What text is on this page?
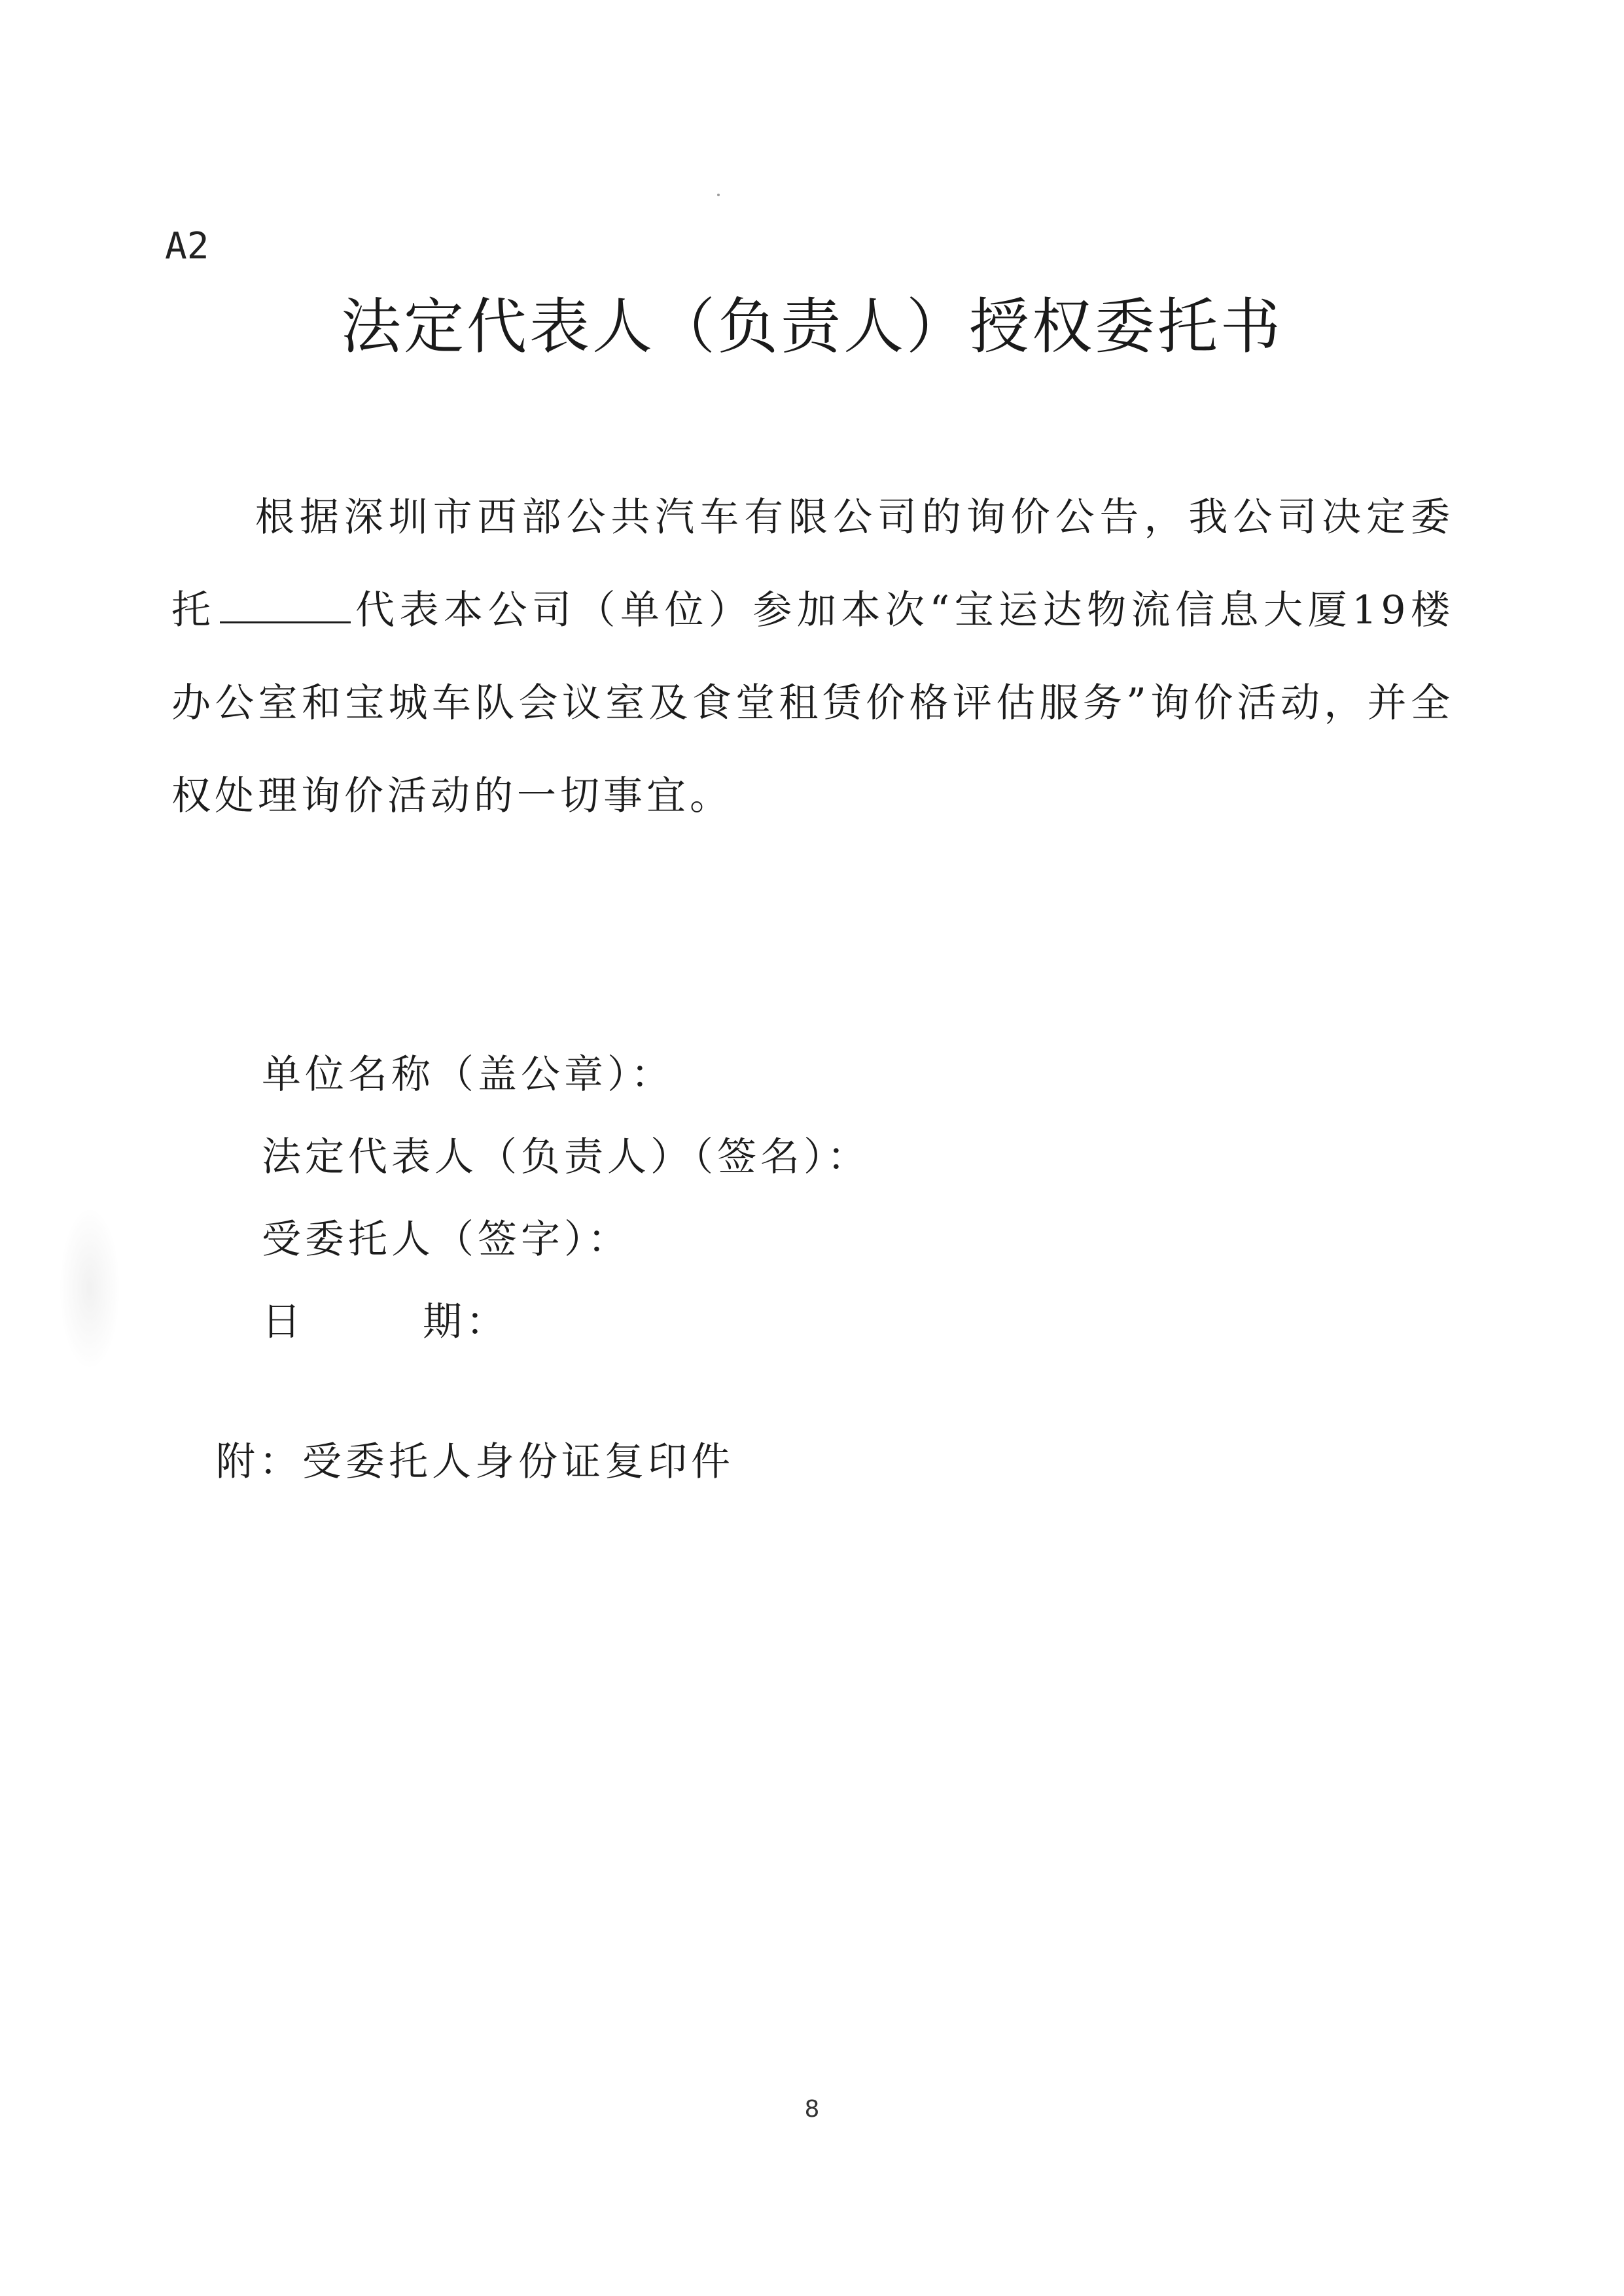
A2
法定代表人（负责人）授权委托书
根据深圳市西部公共汽车有限公司的询价公告，我公司决定委托	代表本公司（单位）参加本次“宝运达物流信息大厦19楼办公室和宝城车队会议室及食堂租赁价格评估服务”询价活动，并全权处理询价活动的一切事宜。
单位名称（盖公章）：
法定代表人（负责人）（签名）：
受委托人（签字）：
日	期：
附：受委托人身份证复印件
8
